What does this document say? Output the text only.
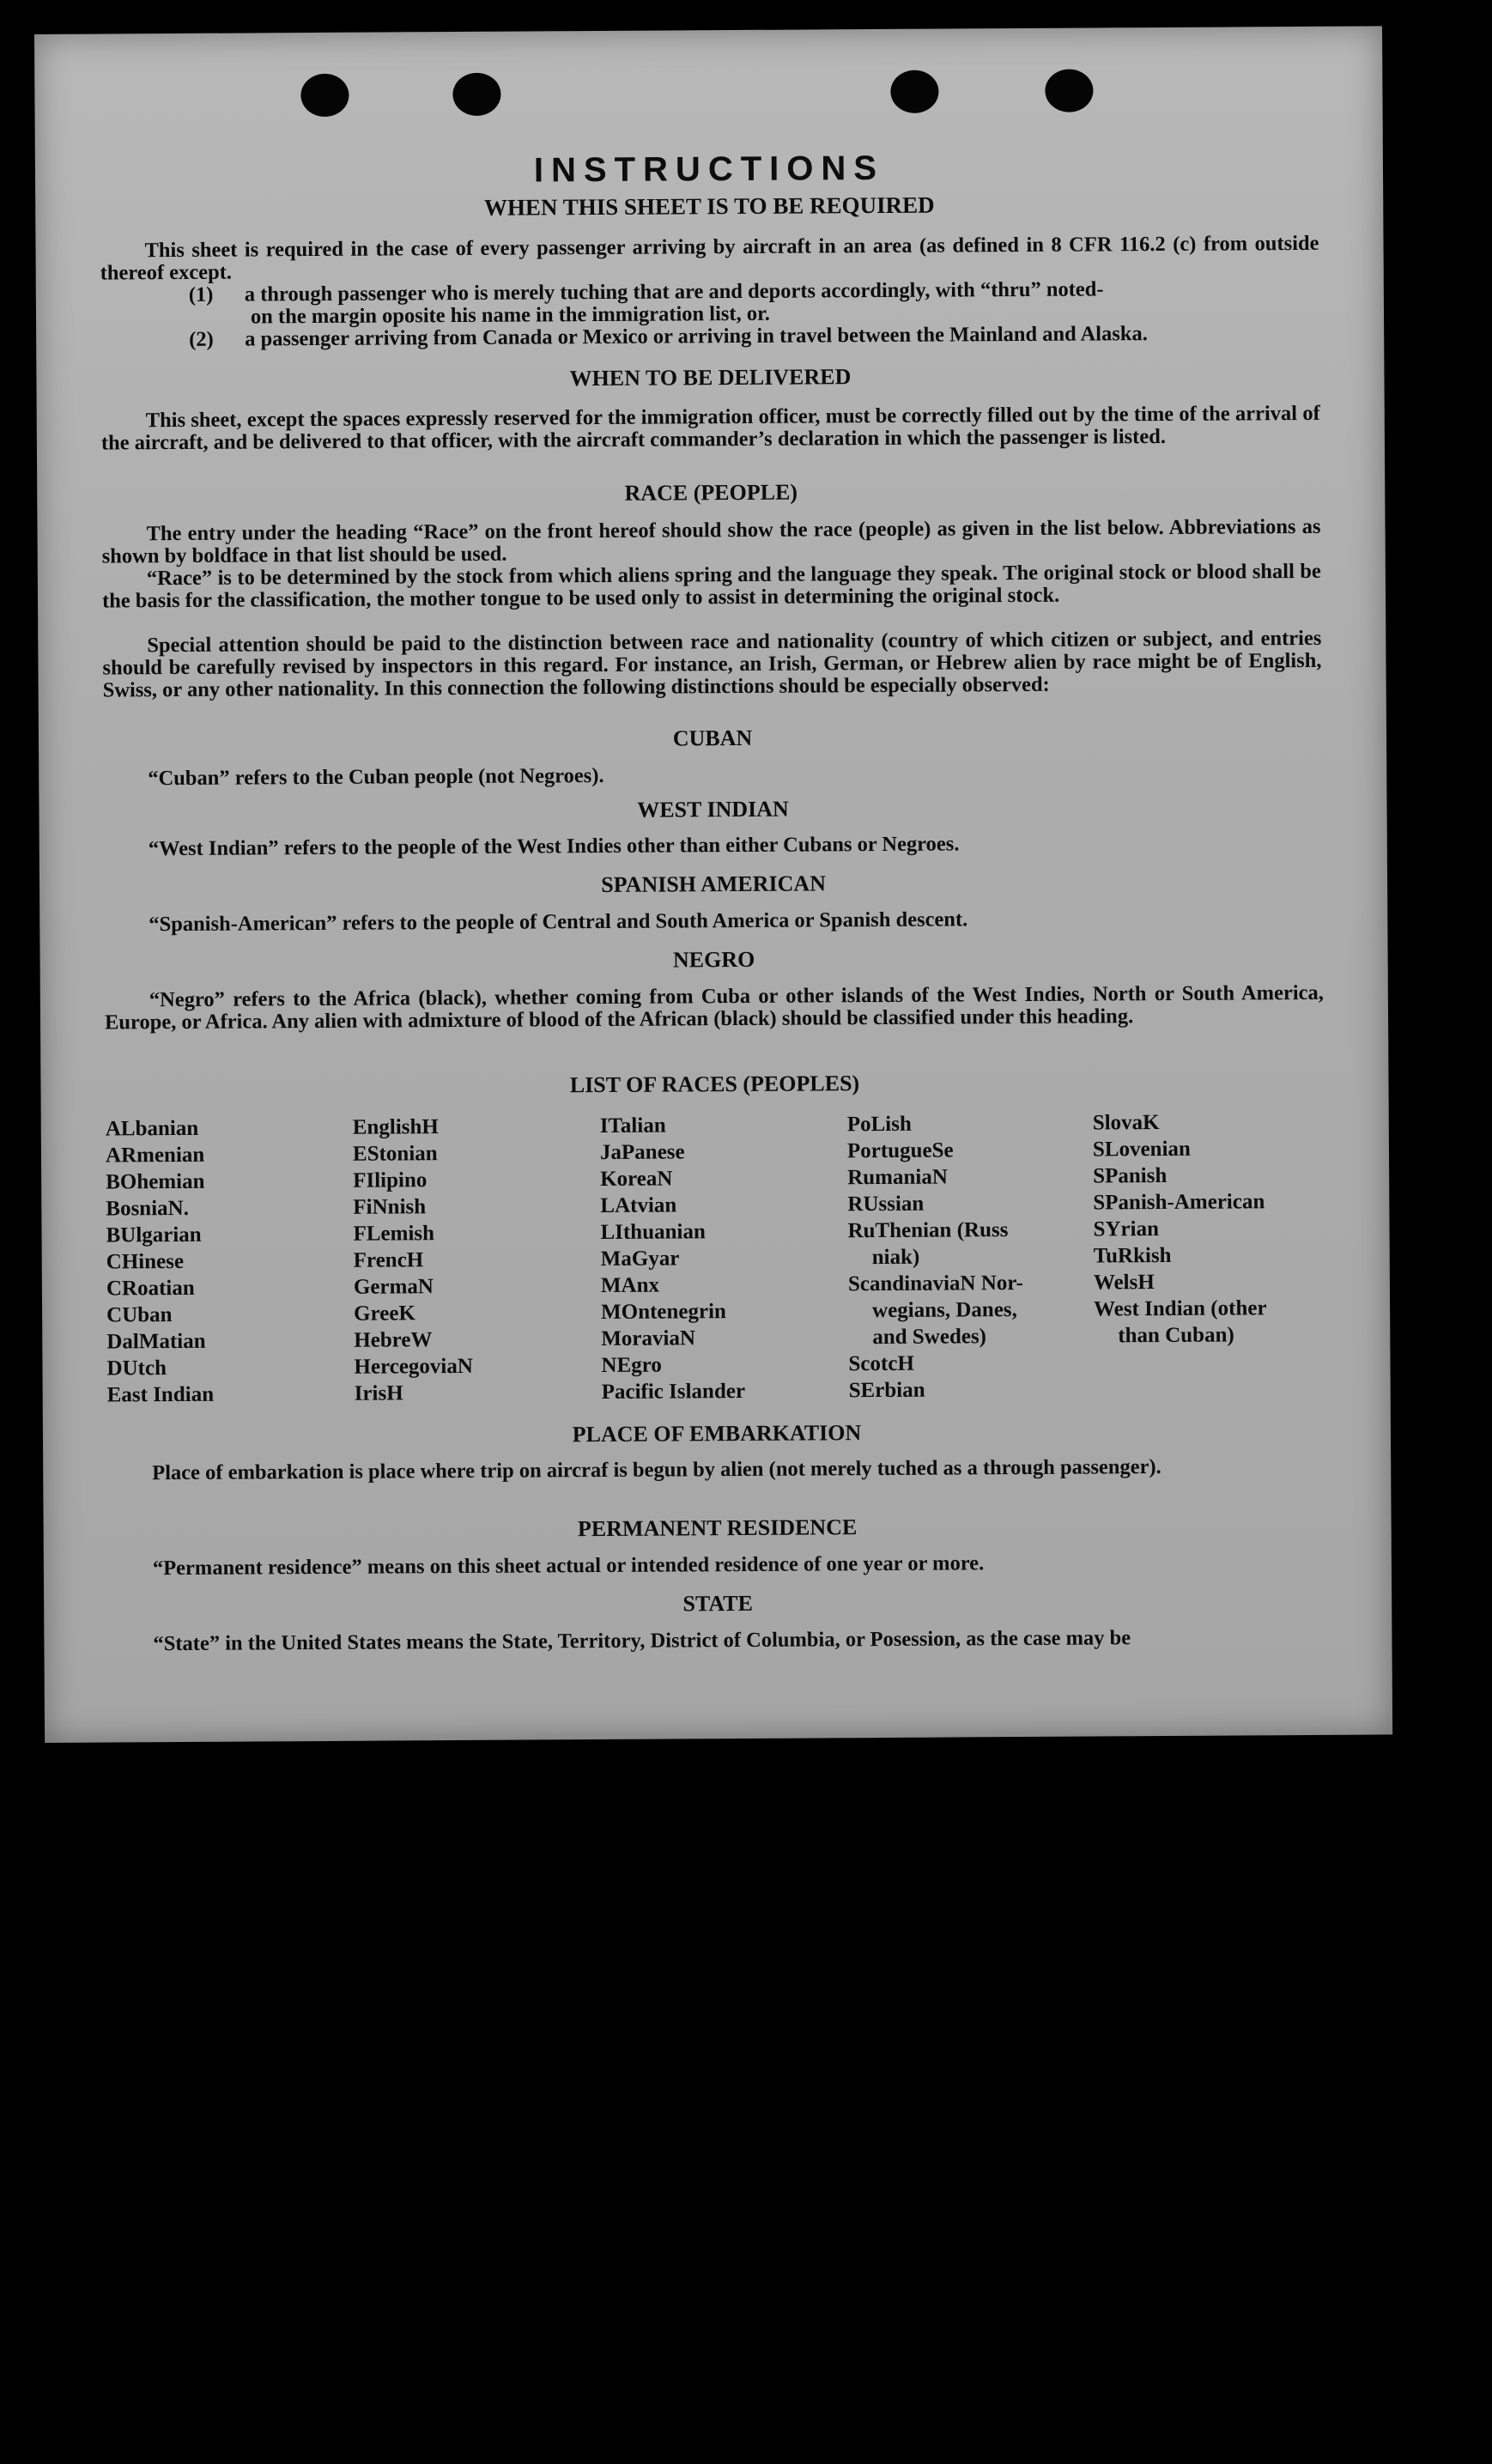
INSTRUCTIONS
WHEN THIS SHEET IS TO BE REQUIRED
This sheet is required in the case of every passenger arriving by aircraft in an area (as defined in 8 CFR 116.2 (c) from outside thereof except.
(1) a through passenger who is merely tuching that are and deports accordingly, with “thru” noted-
on the margin oposite his name in the immigration list, or.
(2) a passenger arriving from Canada or Mexico or arriving in travel between the Mainland and Alaska.
WHEN TO BE DELIVERED
This sheet, except the spaces expressly reserved for the immigration officer, must be correctly filled out by the time of the arrival of the aircraft, and be delivered to that officer, with the aircraft commander’s declaration in which the passenger is listed.
RACE (PEOPLE)
The entry under the heading “Race” on the front hereof should show the race (people) as given in the list below. Abbreviations as shown by boldface in that list should be used.
“Race” is to be determined by the stock from which aliens spring and the language they speak. The original stock or blood shall be the basis for the classification, the mother tongue to be used only to assist in determining the original stock.
Special attention should be paid to the distinction between race and nationality (country of which citizen or subject, and entries should be carefully revised by inspectors in this regard. For instance, an Irish, German, or Hebrew alien by race might be of English, Swiss, or any other nationality. In this connection the following distinctions should be especially observed:
CUBAN
“Cuban” refers to the Cuban people (not Negroes).
WEST INDIAN
“West Indian” refers to the people of the West Indies other than either Cubans or Negroes.
SPANISH AMERICAN
“Spanish-American” refers to the people of Central and South America or Spanish descent.
NEGRO
“Negro” refers to the Africa (black), whether coming from Cuba or other islands of the West Indies, North or South America, Europe, or Africa. Any alien with admixture of blood of the African (black) should be classified under this heading.
LIST OF RACES (PEOPLES)
ALbanian
ARmenian
BOhemian
BosniaN.
BUlgarian
CHinese
CRoatian
CUban
DalMatian
DUtch
East Indian
EnglishH
EStonian
FIlipino
FiNnish
FLemish
FrencH
GermaN
GreeK
HebreW
HercegoviaN
IrisH
ITalian
JaPanese
KoreaN
LAtvian
LIthuanian
MaGyar
MAnx
MOntenegrin
MoraviaN
NEgro
Pacific Islander
PoLish
PortugueSe
RumaniaN
RUssian
RuThenian (Russ
niak)
ScandinaviaN Nor-
wegians, Danes,
and Swedes)
ScotcH
SErbian
SlovaK
SLovenian
SPanish
SPanish-American
SYrian
TuRkish
WelsH
West Indian (other
than Cuban)
PLACE OF EMBARKATION
Place of embarkation is place where trip on aircraf is begun by alien (not merely tuched as a through passenger).
PERMANENT RESIDENCE
“Permanent residence” means on this sheet actual or intended residence of one year or more.
STATE
“State” in the United States means the State, Territory, District of Columbia, or Posession, as the case may be
